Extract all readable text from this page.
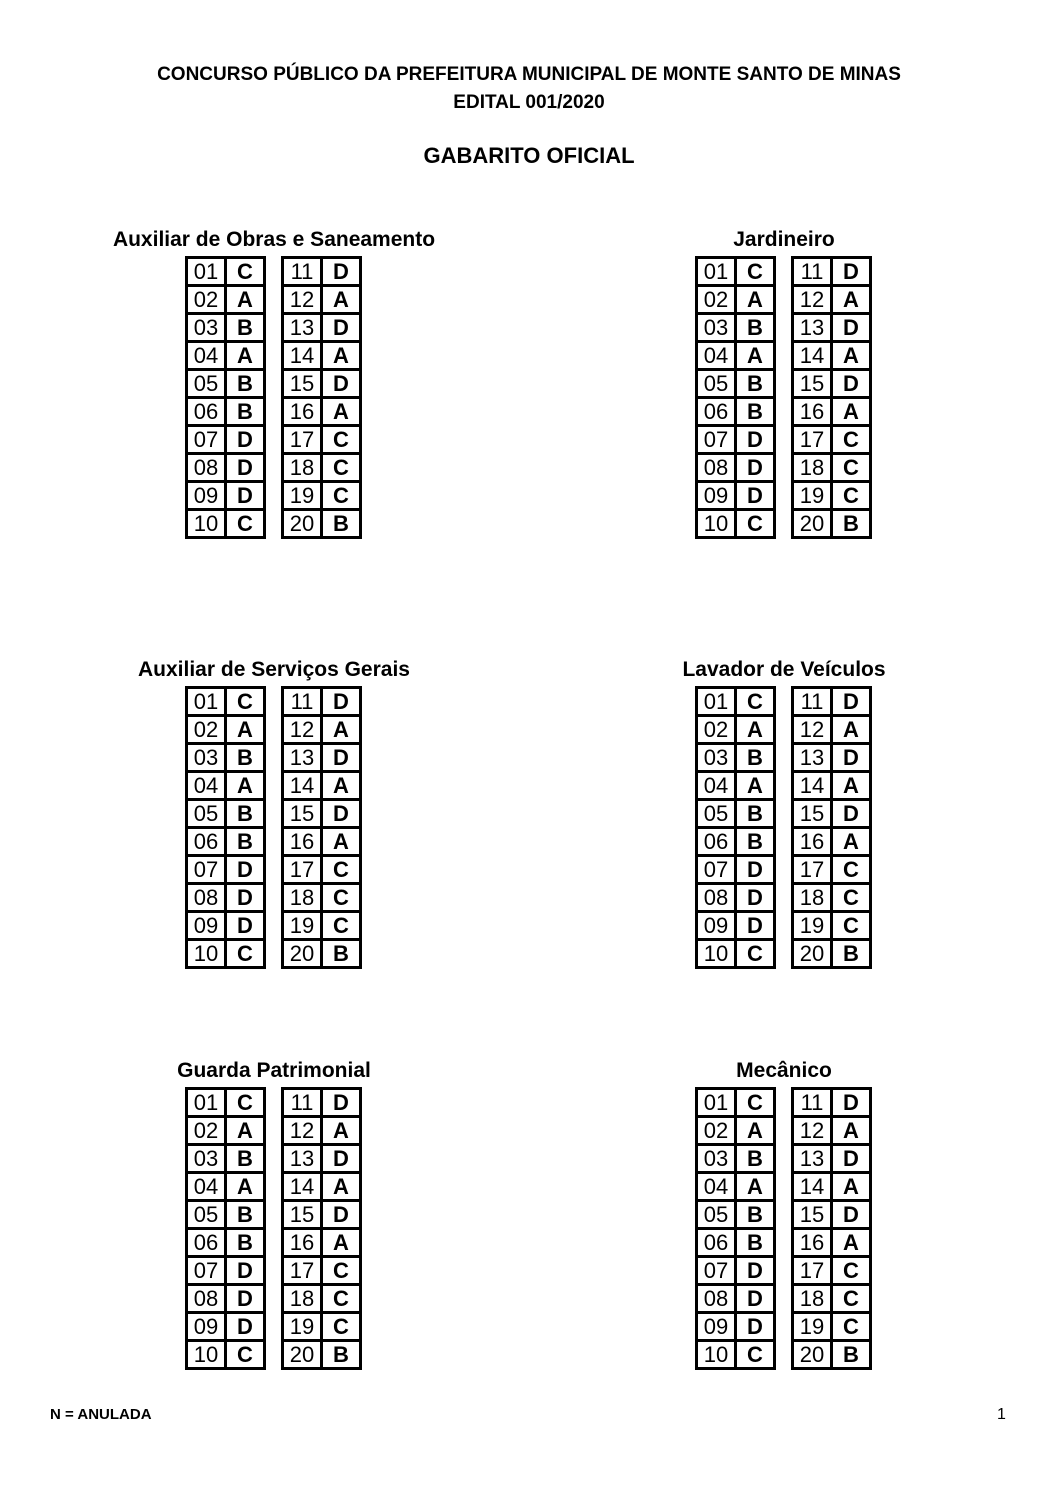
CONCURSO PÚBLICO DA PREFEITURA MUNICIPAL DE MONTE SANTO DE MINAS
EDITAL 001/2020
GABARITO OFICIAL
Auxiliar de Obras e Saneamento
01	C
02	A
03	B
04	A
05	B
06	B
07	D
08	D
09	D
10	C
11	D
12	A
13	D
14	A
15	D
16	A
17	C
18	C
19	C
20	B
Jardineiro
01	C
02	A
03	B
04	A
05	B
06	B
07	D
08	D
09	D
10	C
11	D
12	A
13	D
14	A
15	D
16	A
17	C
18	C
19	C
20	B
Auxiliar de Serviços Gerais
01	C
02	A
03	B
04	A
05	B
06	B
07	D
08	D
09	D
10	C
11	D
12	A
13	D
14	A
15	D
16	A
17	C
18	C
19	C
20	B
Lavador de Veículos
01	C
02	A
03	B
04	A
05	B
06	B
07	D
08	D
09	D
10	C
11	D
12	A
13	D
14	A
15	D
16	A
17	C
18	C
19	C
20	B
Guarda Patrimonial
01	C
02	A
03	B
04	A
05	B
06	B
07	D
08	D
09	D
10	C
11	D
12	A
13	D
14	A
15	D
16	A
17	C
18	C
19	C
20	B
Mecânico
01	C
02	A
03	B
04	A
05	B
06	B
07	D
08	D
09	D
10	C
11	D
12	A
13	D
14	A
15	D
16	A
17	C
18	C
19	C
20	B
N = ANULADA	1
